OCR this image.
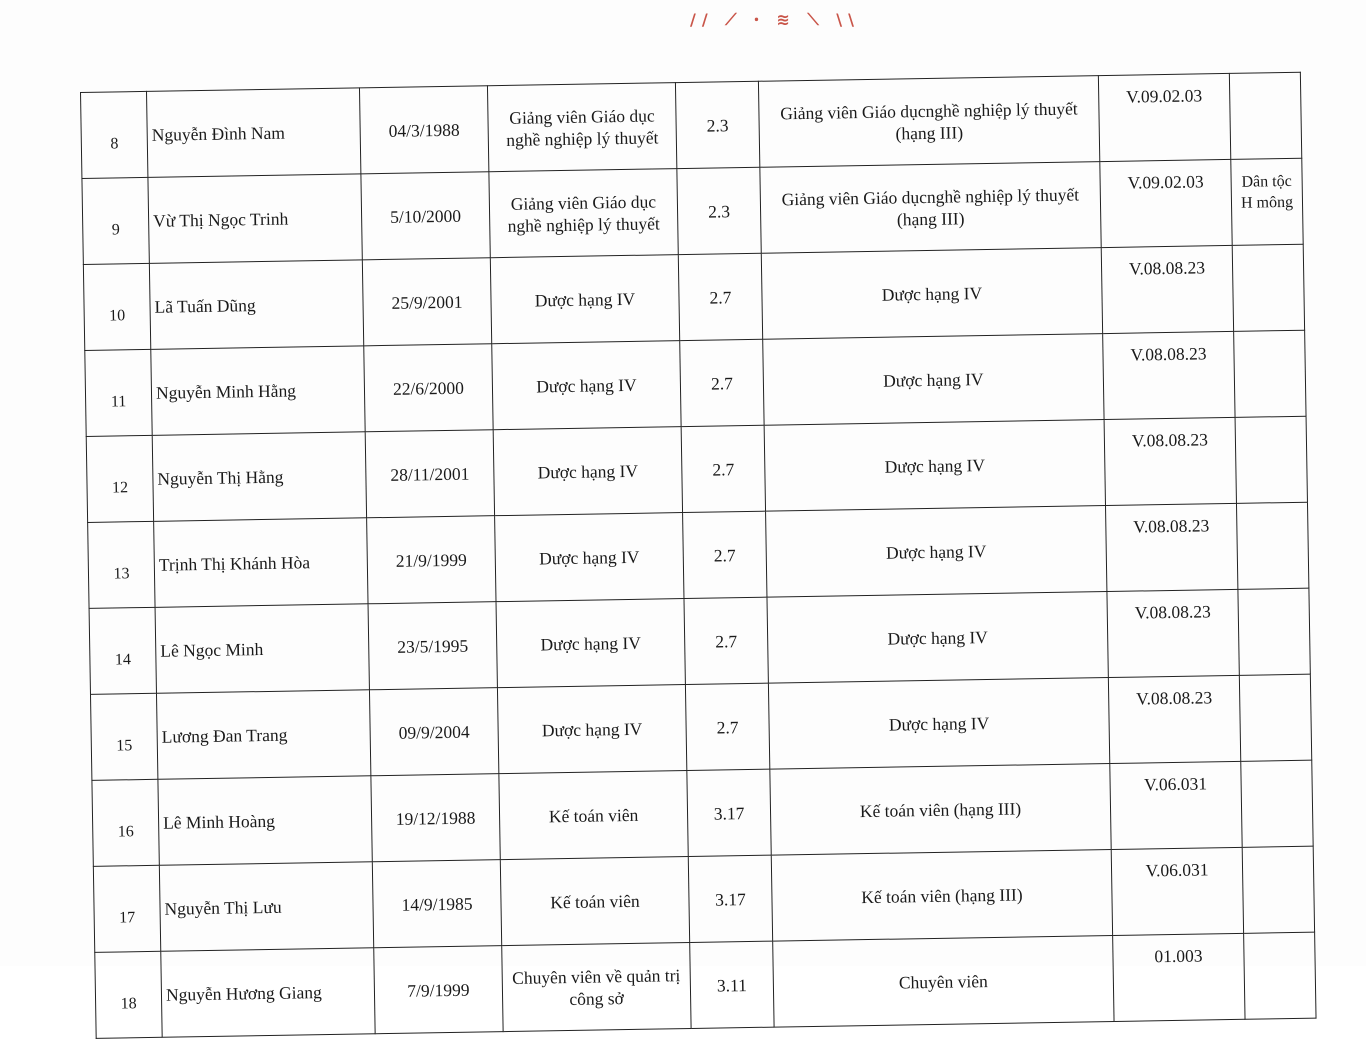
// ⟋ ꞏ ≋ ⟍ \\
8	Nguyễn Đình Nam	04/3/1988	Giảng viên Giáo dục nghề nghiệp lý thuyết	2.3	Giảng viên Giáo dụcnghề nghiệp lý thuyết (hạng III)	V.09.02.03	
9	Vừ Thị Ngọc Trinh	5/10/2000	Giảng viên Giáo dục nghề nghiệp lý thuyết	2.3	Giảng viên Giáo dụcnghề nghiệp lý thuyết (hạng III)	V.09.02.03	Dân tộc H mông
10	Lã Tuấn Dũng	25/9/2001	Dược hạng IV	2.7	Dược hạng IV	V.08.08.23	
11	Nguyễn Minh Hằng	22/6/2000	Dược hạng IV	2.7	Dược hạng IV	V.08.08.23	
12	Nguyễn Thị Hằng	28/11/2001	Dược hạng IV	2.7	Dược hạng IV	V.08.08.23	
13	Trịnh Thị Khánh Hòa	21/9/1999	Dược hạng IV	2.7	Dược hạng IV	V.08.08.23	
14	Lê Ngọc Minh	23/5/1995	Dược hạng IV	2.7	Dược hạng IV	V.08.08.23	
15	Lương Đan Trang	09/9/2004	Dược hạng IV	2.7	Dược hạng IV	V.08.08.23	
16	Lê Minh Hoàng	19/12/1988	Kế toán viên	3.17	Kế toán viên (hạng III)	V.06.031	
17	Nguyễn Thị Lưu	14/9/1985	Kế toán viên	3.17	Kế toán viên (hạng III)	V.06.031	
18	Nguyễn Hương Giang	7/9/1999	Chuyên viên về quản trị công sở	3.11	Chuyên viên	01.003	
